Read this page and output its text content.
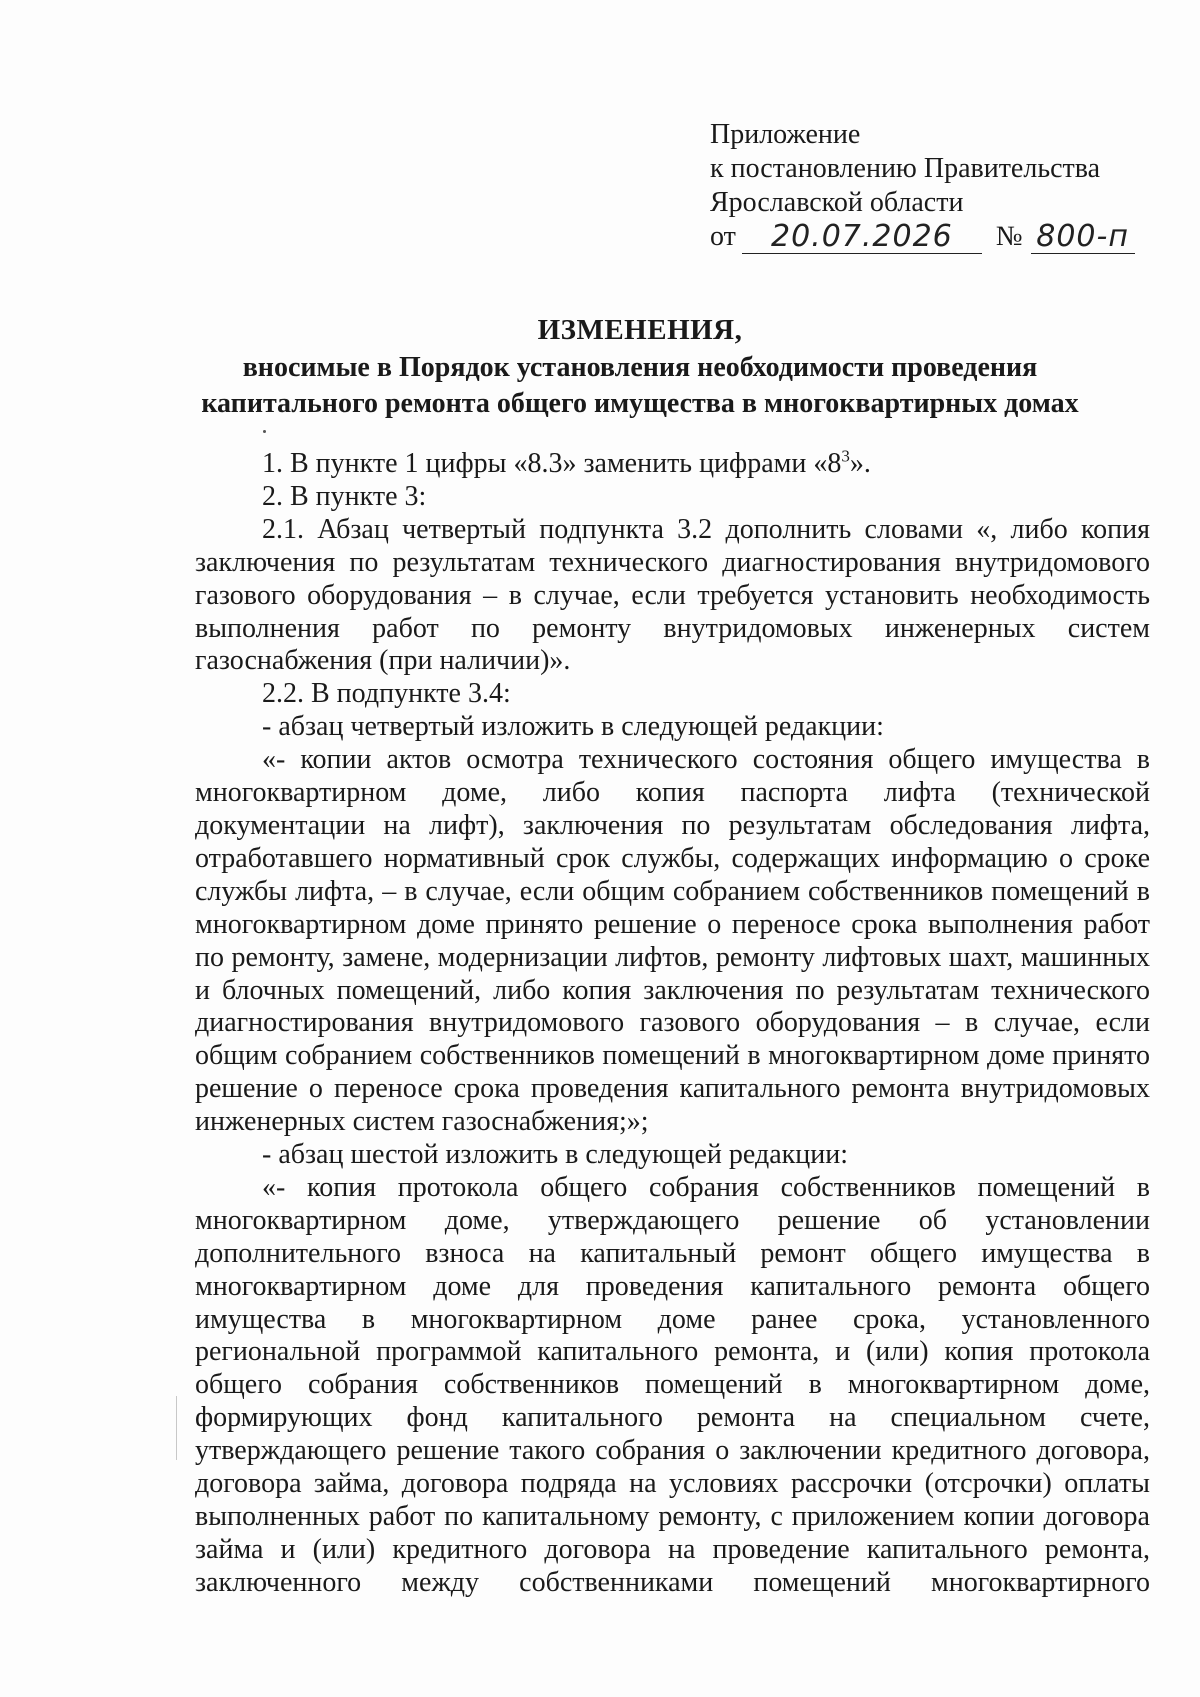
Приложение
к постановлению Правительства
Ярославской области
от	20.07.2026	№ 800-п
ИЗМЕНЕНИЯ,
вносимые в Порядок установления необходимости проведения
капитального ремонта общего имущества в многоквартирных домах

1. В пункте 1 цифры «8.3» заменить цифрами «$8^3$».

2. В пункте 3:

2.1. Абзац четвертый подпункта 3.2 дополнить словами «, либо копия заключения по результатам технического диагностирования внутридомового газового оборудования – в случае, если требуется установить необходимость выполнения работ по ремонту внутридомовых инженерных систем газоснабжения (при наличии)».

2.2. В подпункте 3.4:

- абзац четвертый изложить в следующей редакции:

«- копии актов осмотра технического состояния общего имущества в многоквартирном доме, либо копия паспорта лифта (технической документации на лифт), заключения по результатам обследования лифта, отработавшего нормативный срок службы, содержащих информацию о сроке службы лифта, – в случае, если общим собранием собственников помещений в многоквартирном доме принято решение о переносе срока выполнения работ по ремонту, замене, модернизации лифтов, ремонту лифтовых шахт, машинных и блочных помещений, либо копия заключения по результатам технического диагностирования внутридомового газового оборудования – в случае, если общим собранием собственников помещений в многоквартирном доме принято решение о переносе срока проведения капитального ремонта внутридомовых инженерных систем газоснабжения;»;

- абзац шестой изложить в следующей редакции:

«- копия протокола общего собрания собственников помещений в многоквартирном доме, утверждающего решение об установлении дополнительного взноса на капитальный ремонт общего имущества в многоквартирном доме для проведения капитального ремонта общего имущества в многоквартирном доме ранее срока, установленного региональной программой капитального ремонта, и (или) копия протокола общего собрания собственников помещений в многоквартирном доме, формирующих фонд капитального ремонта на специальном счете, утверждающего решение такого собрания о заключении кредитного договора, договора займа, договора подряда на условиях рассрочки (отсрочки) оплаты выполненных работ по капитальному ремонту, с приложением копии договора займа и (или) кредитного договора на проведение капитального ремонта, заключенного между собственниками помещений многоквартирного
